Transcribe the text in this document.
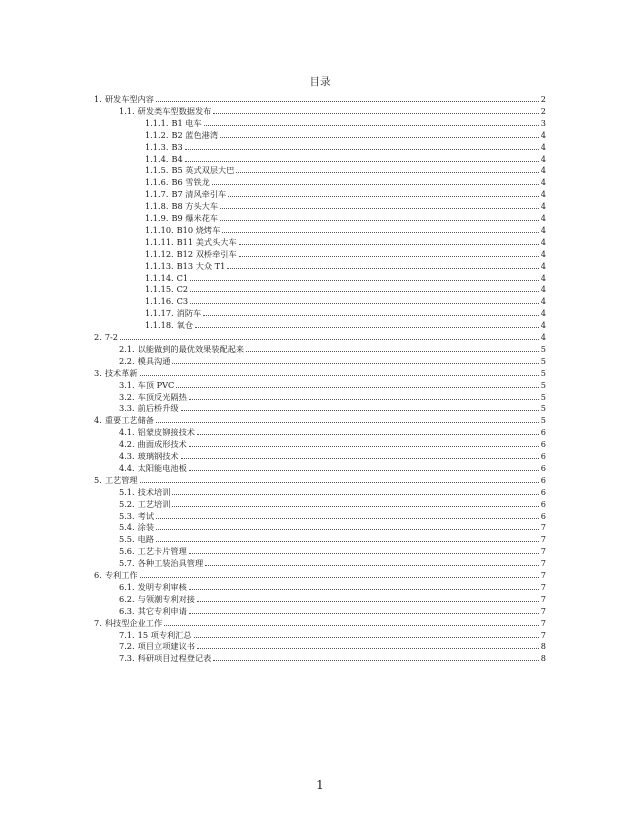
目录
1. 研发车型内容	2
1.1. 研发类车型数据发布	2
1.1.1. B1 电车	3
1.1.2. B2 蓝色港湾	4
1.1.3. B3	4
1.1.4. B4	4
1.1.5. B5 英式双层大巴	4
1.1.6. B6 雪铁龙	4
1.1.7. B7 清风牵引车	4
1.1.8. B8 方头大车	4
1.1.9. B9 爆米花车	4
1.1.10. B10 烧烤车	4
1.1.11. B11 美式头大车	4
1.1.12. B12 双桥牵引车	4
1.1.13. B13 大众 T1	4
1.1.14. C1	4
1.1.15. C2	4
1.1.16. C3	4
1.1.17. 消防车	4
1.1.18. 氧仓	4
2. 7-2	4
2.1. 以能做到的最优效果装配起来	5
2.2. 模具沟通	5
3. 技术革新	5
3.1. 车顶 PVC	5
3.2. 车顶反光隔热	5
3.3. 前后桥升级	5
4. 重要工艺储备	5
4.1. 铝蒙皮铆接技术	6
4.2. 曲面成形技术	6
4.3. 玻璃钢技术	6
4.4. 太阳能电池板	6
5. 工艺管理	6
5.1. 技术培训	6
5.2. 工艺培训	6
5.3. 考试	6
5.4. 涂装	7
5.5. 电路	7
5.6. 工艺卡片管理	7
5.7. 各种工装治具管理	7
6. 专利工作	7
6.1. 发明专利审核	7
6.2. 与领潮专利对接	7
6.3. 其它专利申请	7
7. 科技型企业工作	7
7.1. 15 项专利汇总	7
7.2. 项目立项建议书	8
7.3. 科研项目过程登记表	8
1
